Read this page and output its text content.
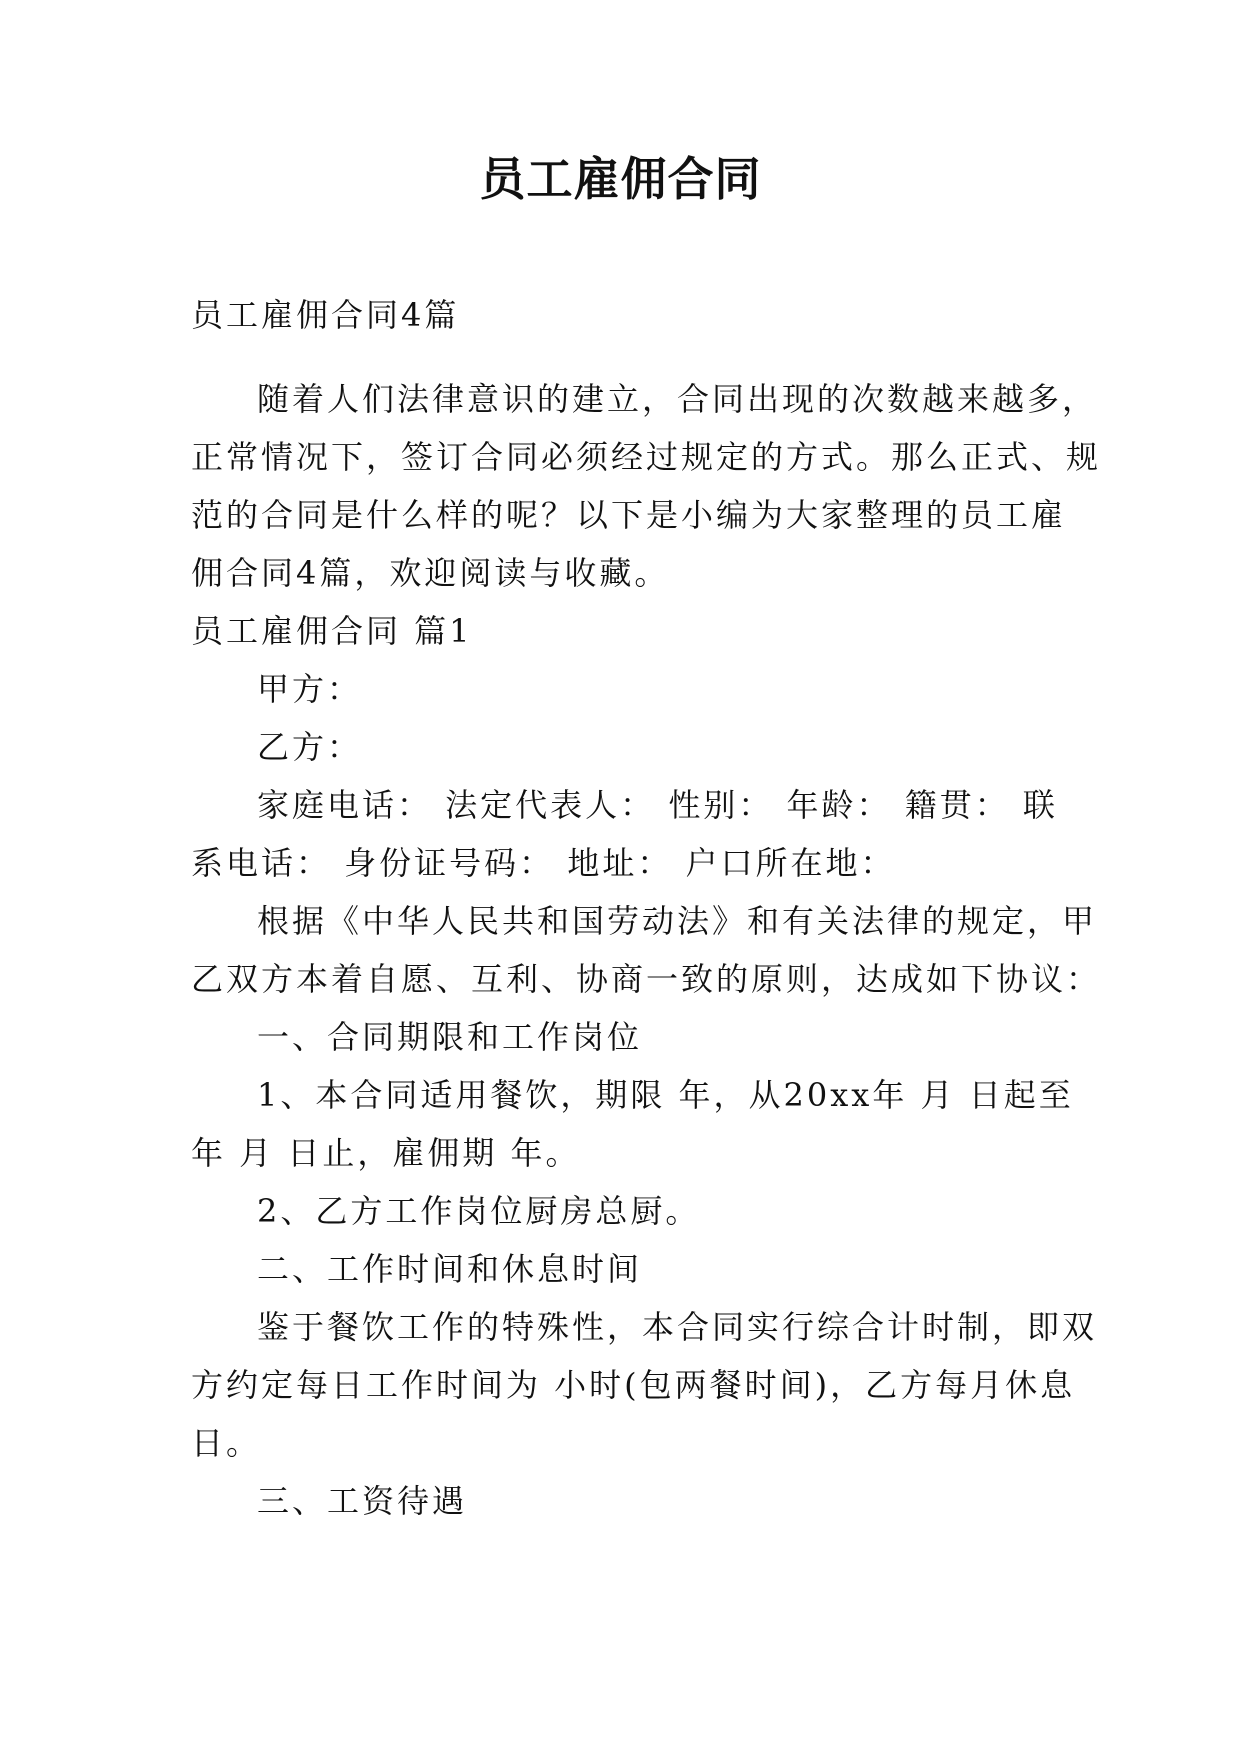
员工雇佣合同
员工雇佣合同4篇
随着人们法律意识的建立，合同出现的次数越来越多，
正常情况下，签订合同必须经过规定的方式。那么正式、规
范的合同是什么样的呢？以下是小编为大家整理的员工雇
佣合同4篇，欢迎阅读与收藏。
员工雇佣合同 篇1
甲方：
乙方：
家庭电话： 法定代表人： 性别： 年龄： 籍贯： 联
系电话： 身份证号码： 地址： 户口所在地：
根据《中华人民共和国劳动法》和有关法律的规定，甲
乙双方本着自愿、互利、协商一致的原则，达成如下协议：
一、合同期限和工作岗位
1、本合同适用餐饮，期限 年，从20xx年 月 日起至
年 月 日止，雇佣期 年。
2、乙方工作岗位厨房总厨。
二、工作时间和休息时间
鉴于餐饮工作的特殊性，本合同实行综合计时制，即双
方约定每日工作时间为 小时(包两餐时间)，乙方每月休息
日。
三、工资待遇
